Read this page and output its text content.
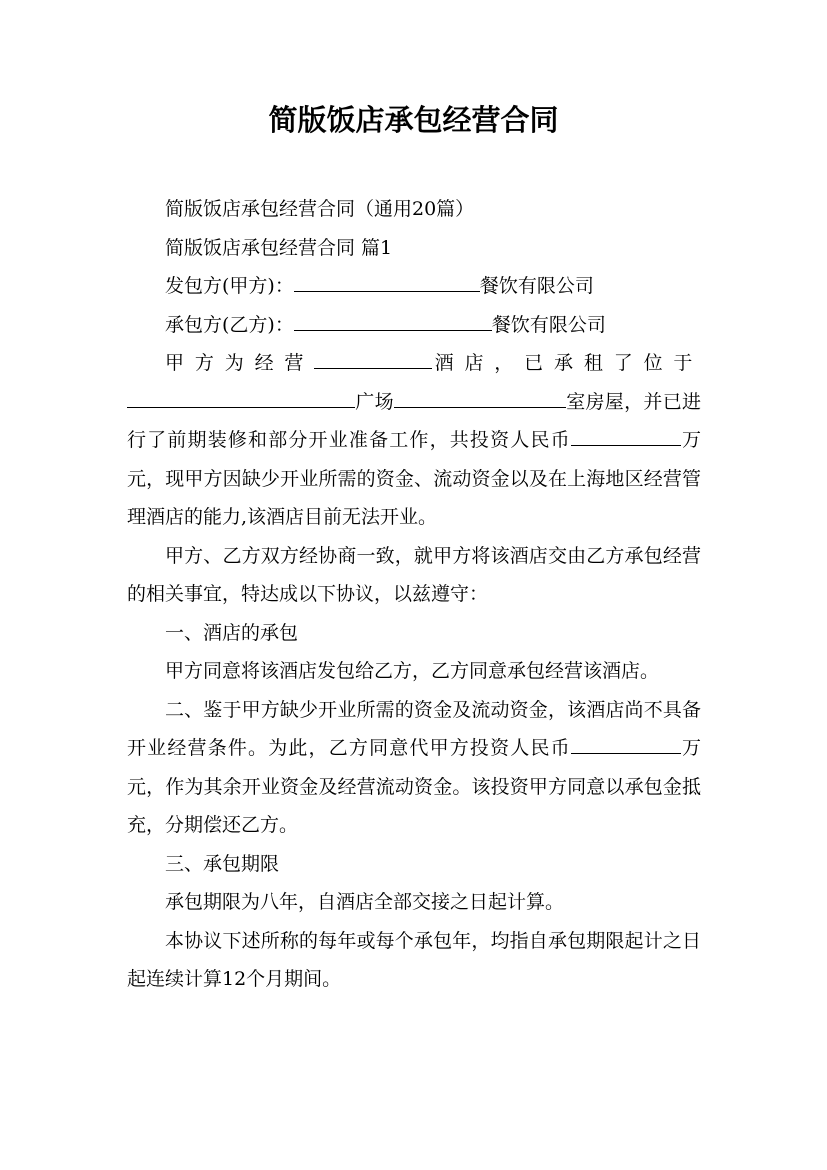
简版饭店承包经营合同

简版饭店承包经营合同（通用20篇）

简版饭店承包经营合同 篇1

发包方(甲方)：	餐饮有限公司

承包方(乙方)：	餐饮有限公司

甲方为经营	酒店，已承租了位于广场	室房屋，并已进行了前期装修和部分开业准备工作，共投资人民币	万元，现甲方因缺少开业所需的资金、流动资金以及在上海地区经营管理酒店的能力,该酒店目前无法开业。

甲方、乙方双方经协商一致，就甲方将该酒店交由乙方承包经营的相关事宜，特达成以下协议，以兹遵守：

一、酒店的承包

甲方同意将该酒店发包给乙方，乙方同意承包经营该酒店。

二、鉴于甲方缺少开业所需的资金及流动资金，该酒店尚不具备开业经营条件。为此，乙方同意代甲方投资人民币	万元，作为其余开业资金及经营流动资金。该投资甲方同意以承包金抵充，分期偿还乙方。

三、承包期限

承包期限为八年，自酒店全部交接之日起计算。

本协议下述所称的每年或每个承包年，均指自承包期限起计之日起连续计算12个月期间。
